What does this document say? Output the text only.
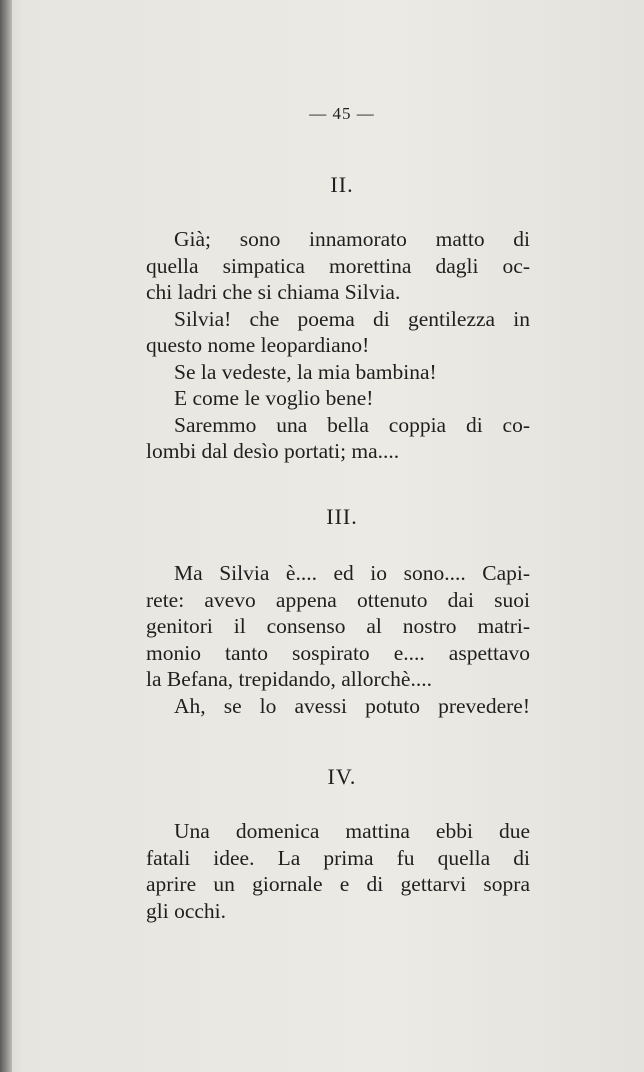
— 45 —
II.
Già; sono innamorato matto di
quella simpatica morettina dagli oc-
chi ladri che si chiama Silvia.
Silvia! che poema di gentilezza in
questo nome leopardiano!
Se la vedeste, la mia bambina!
E come le voglio bene!
Saremmo una bella coppia di co-
lombi dal desìo portati; ma....
III.
Ma Silvia è.... ed io sono.... Capi-
rete: avevo appena ottenuto dai suoi
genitori il consenso al nostro matri-
monio tanto sospirato e.... aspettavo
la Befana, trepidando, allorchè....
Ah, se lo avessi potuto prevedere!
IV.
Una domenica mattina ebbi due
fatali idee. La prima fu quella di
aprire un giornale e di gettarvi sopra
gli occhi.
